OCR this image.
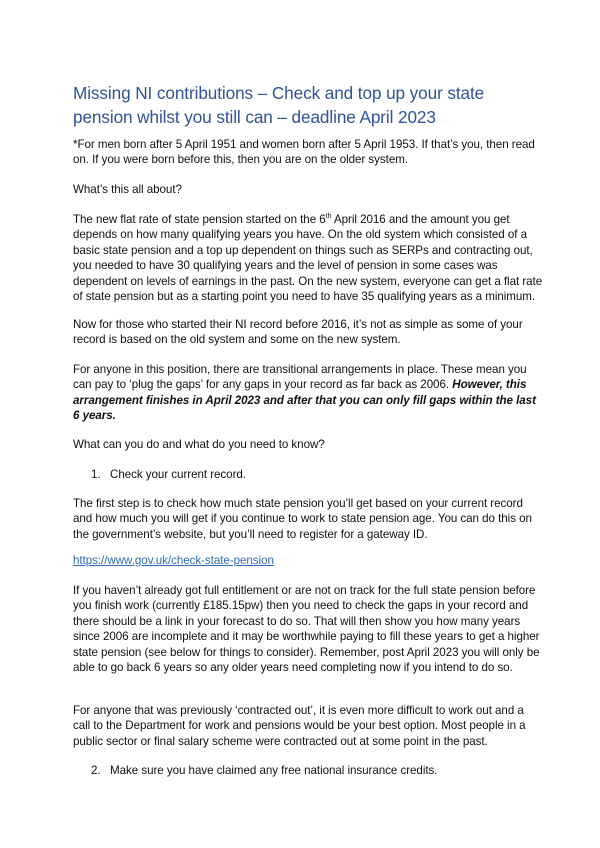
Missing NI contributions – Check and top up your state pension whilst you still can – deadline April 2023

*For men born after 5 April 1951 and women born after 5 April 1953. If that’s you, then read on. If you were born before this, then you are on the older system.

What’s this all about?

The new flat rate of state pension started on the 6th April 2016 and the amount you get depends on how many qualifying years you have. On the old system which consisted of a basic state pension and a top up dependent on things such as SERPs and contracting out, you needed to have 30 qualifying years and the level of pension in some cases was dependent on levels of earnings in the past. On the new system, everyone can get a flat rate of state pension but as a starting point you need to have 35 qualifying years as a minimum.

Now for those who started their NI record before 2016, it’s not as simple as some of your record is based on the old system and some on the new system.

For anyone in this position, there are transitional arrangements in place. These mean you can pay to ‘plug the gaps’ for any gaps in your record as far back as 2006. However, this arrangement finishes in April 2023 and after that you can only fill gaps within the last 6 years.

What can you do and what do you need to know?

1. Check your current record.

The first step is to check how much state pension you’ll get based on your current record and how much you will get if you continue to work to state pension age. You can do this on the government’s website, but you’ll need to register for a gateway ID.

https://www.gov.uk/check-state-pension

If you haven’t already got full entitlement or are not on track for the full state pension before you finish work (currently £185.15pw) then you need to check the gaps in your record and there should be a link in your forecast to do so. That will then show you how many years since 2006 are incomplete and it may be worthwhile paying to fill these years to get a higher state pension (see below for things to consider). Remember, post April 2023 you will only be able to go back 6 years so any older years need completing now if you intend to do so.

For anyone that was previously ‘contracted out’, it is even more difficult to work out and a call to the Department for work and pensions would be your best option. Most people in a public sector or final salary scheme were contracted out at some point in the past.

2. Make sure you have claimed any free national insurance credits.
